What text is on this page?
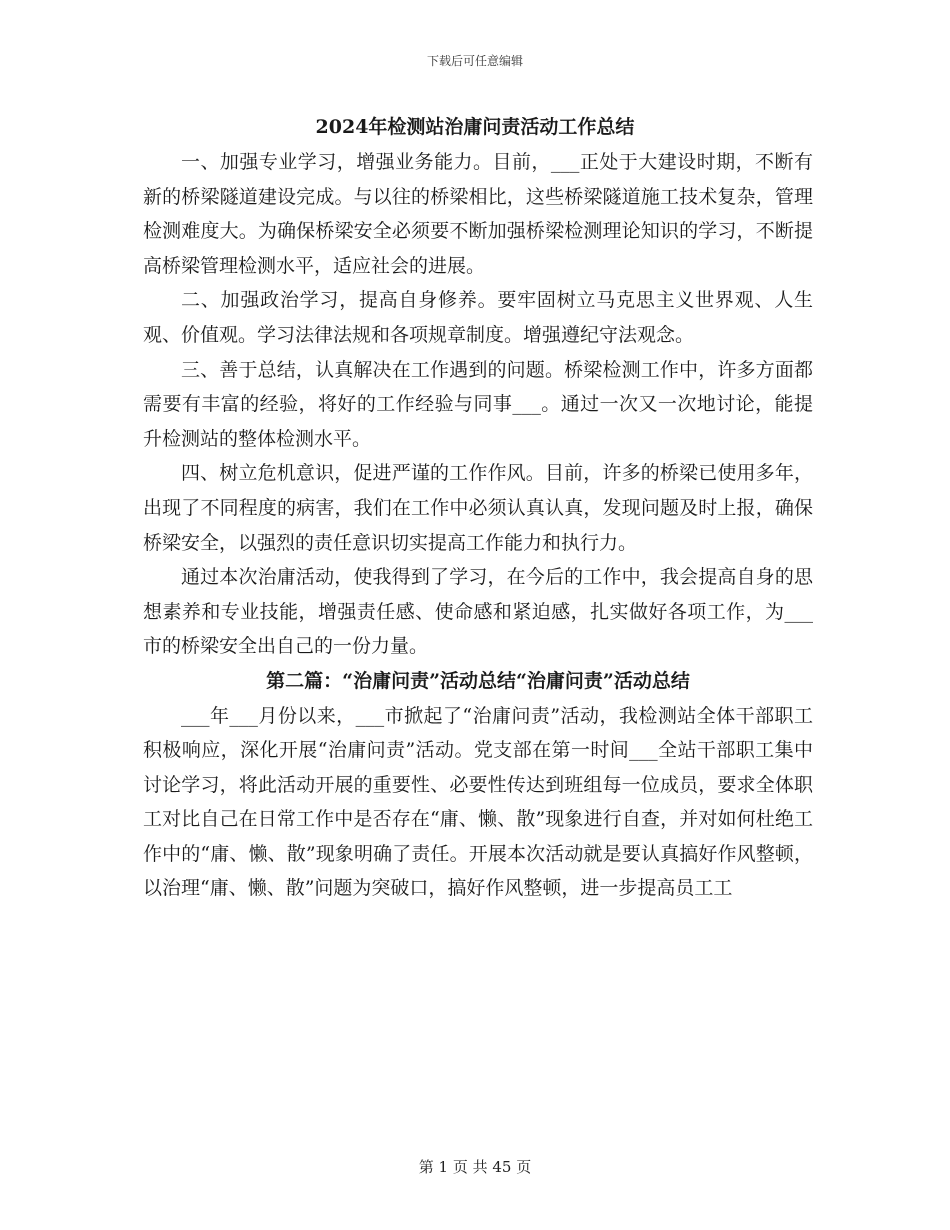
下载后可任意编辑
2024年检测站治庸问责活动工作总结

一、加强专业学习，增强业务能力。目前，___正处于大建设时期，不断有新的桥梁隧道建设完成。与以往的桥梁相比，这些桥梁隧道施工技术复杂，管理检测难度大。为确保桥梁安全必须要不断加强桥梁检测理论知识的学习，不断提高桥梁管理检测水平，适应社会的进展。

二、加强政治学习，提高自身修养。要牢固树立马克思主义世界观、人生观、价值观。学习法律法规和各项规章制度。增强遵纪守法观念。

三、善于总结，认真解决在工作遇到的问题。桥梁检测工作中，许多方面都需要有丰富的经验，将好的工作经验与同事___。通过一次又一次地讨论，能提升检测站的整体检测水平。

四、树立危机意识，促进严谨的工作作风。目前，许多的桥梁已使用多年，出现了不同程度的病害，我们在工作中必须认真认真，发现问题及时上报，确保桥梁安全，以强烈的责任意识切实提高工作能力和执行力。

通过本次治庸活动，使我得到了学习，在今后的工作中，我会提高自身的思想素养和专业技能，增强责任感、使命感和紧迫感，扎实做好各项工作，为___市的桥梁安全出自己的一份力量。

第二篇：“治庸问责”活动总结“治庸问责”活动总结

___年___月份以来，___市掀起了“治庸问责”活动，我检测站全体干部职工积极响应，深化开展“治庸问责”活动。党支部在第一时间___全站干部职工集中讨论学习，将此活动开展的重要性、必要性传达到班组每一位成员，要求全体职工对比自己在日常工作中是否存在“庸、懒、散”现象进行自查，并对如何杜绝工作中的“庸、懒、散”现象明确了责任。开展本次活动就是要认真搞好作风整顿，以治理“庸、懒、散”问题为突破口，搞好作风整顿，进一步提高员工工

第 1 页 共 45 页
